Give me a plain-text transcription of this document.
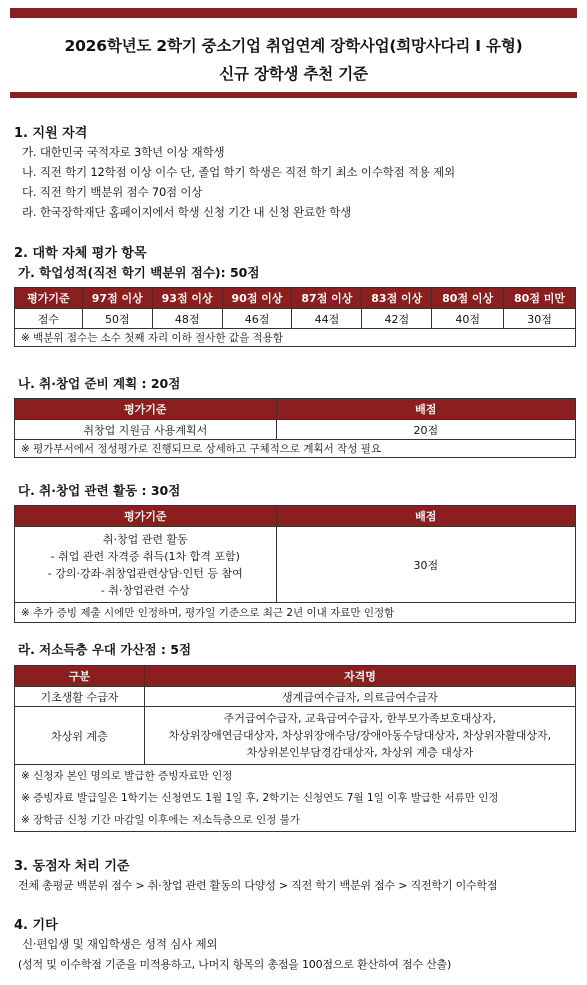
2026학년도 2학기 중소기업 취업연계 장학사업(희망사다리 I 유형)
신규 장학생 추천 기준
1. 지원 자격
가. 대한민국 국적자로 3학년 이상 재학생
나. 직전 학기 12학점 이상 이수 단, 졸업 학기 학생은 직전 학기 최소 이수학점 적용 제외
다. 직전 학기 백분위 점수 70점 이상
라. 한국장학재단 홈페이지에서 학생 신청 기간 내 신청 완료한 학생
2. 대학 자체 평가 항목
가. 학업성적(직전 학기 백분위 점수): 50점
평가기준	97점 이상	93점 이상	90점 이상	87점 이상	83점 이상	80점 이상	80점 미만
점수	50점	48점	46점	44점	42점	40점	30점
※ 백분위 점수는 소수 첫째 자리 이하 절사한 값을 적용함							
나. 취·창업 준비 계획 : 20점
평가기준	배점
취창업 지원금 사용계획서	20점
※ 평가부서에서 정성평가로 진행되므로 상세하고 구체적으로 계획서 작성 필요	
다. 취·창업 관련 활동 : 30점
평가기준	배점

취·창업 관련 활동
- 취업 관련 자격증 취득(1차 합격 포함)
- 강의·강좌·취창업관련상담·인턴 등 참여
- 취·창업관련 수상	30점
※ 추가 증빙 제출 시에만 인정하며, 평가일 기준으로 최근 2년 이내 자료만 인정함	
라. 저소득층 우대 가산점 : 5점
구분	자격명
기초생활 수급자	생계급여수급자, 의료급여수급자
차상위 계층	주거급여수급자, 교육급여수급자, 한부모가족보호대상자,
차상위장애연금대상자, 차상위장애수당/장애아동수당대상자, 차상위자활대상자,
차상위본인부담경감대상자, 차상위 계층 대상자

※ 신청자 본인 명의로 발급한 증빙자료만 인정
※ 증빙자료 발급일은 1학기는 신청연도 1월 1일 후, 2학기는 신청연도 7월 1일 이후 발급한 서류만 인정
※ 장학금 신청 기간 마감일 이후에는 저소득층으로 인정 불가	
3. 동점자 처리 기준
전체 총평균 백분위 점수 > 취·창업 관련 활동의 다양성 > 직전 학기 백분위 점수 > 직전학기 이수학점
4. 기타
신·편입생 및 재입학생은 성적 심사 제외
(성적 및 이수학점 기준을 미적용하고, 나머지 항목의 총점을 100점으로 환산하여 점수 산출)
